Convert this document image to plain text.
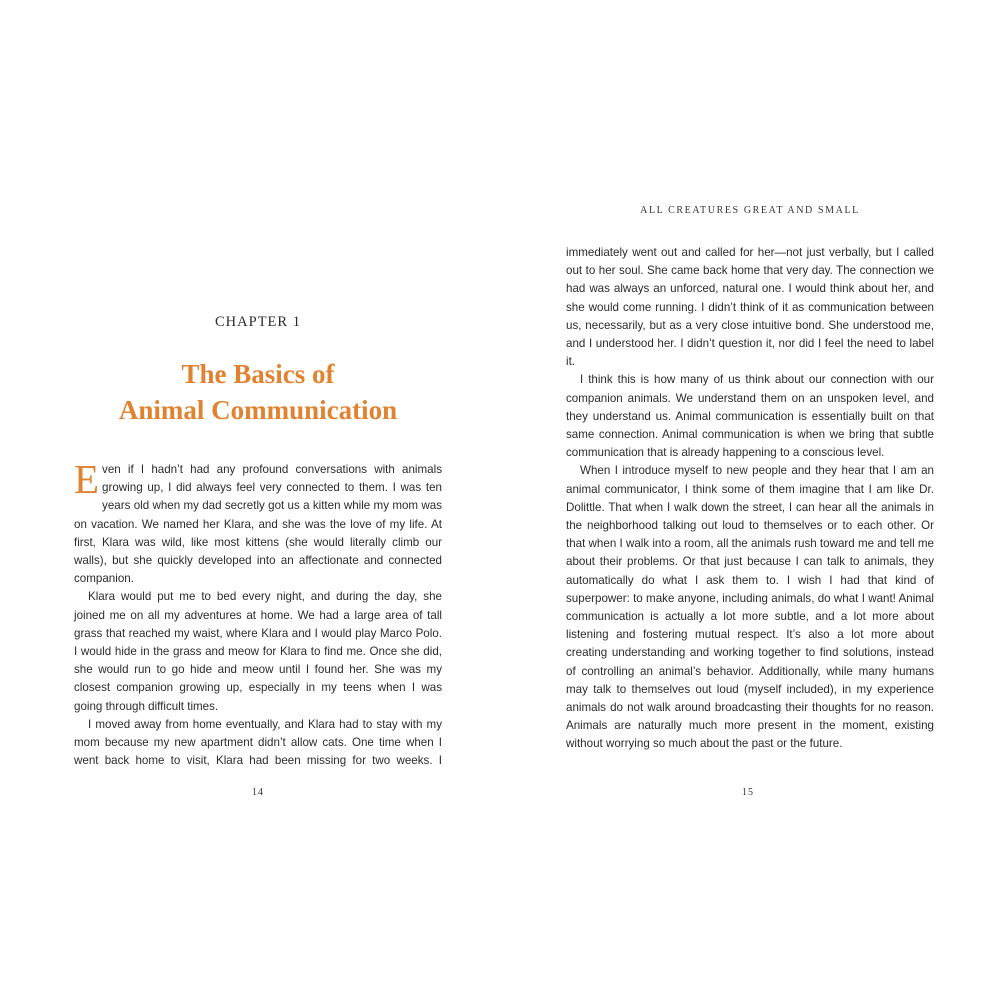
CHAPTER 1
The Basics of
Animal Communication

Even if I hadn’t had any profound conversations with animals growing up, I did always feel very connected to them. I was ten years old when my dad secretly got us a kitten while my mom was on vacation. We named her Klara, and she was the love of my life. At first, Klara was wild, like most kittens (she would literally climb our walls), but she quickly developed into an affectionate and connected companion.

Klara would put me to bed every night, and during the day, she joined me on all my adventures at home. We had a large area of tall grass that reached my waist, where Klara and I would play Marco Polo. I would hide in the grass and meow for Klara to find me. Once she did, she would run to go hide and meow until I found her. She was my closest companion growing up, especially in my teens when I was going through difficult times.

I moved away from home eventually, and Klara had to stay with my mom because my new apartment didn’t allow cats. One time when I went back home to visit, Klara had been missing for two weeks. I

14
ALL CREATURES GREAT AND SMALL

immediately went out and called for her—not just verbally, but I called out to her soul. She came back home that very day. The connection we had was always an unforced, natural one. I would think about her, and she would come running. I didn’t think of it as communication between us, necessarily, but as a very close intuitive bond. She understood me, and I understood her. I didn’t question it, nor did I feel the need to label it.

I think this is how many of us think about our connection with our companion animals. We understand them on an unspoken level, and they understand us. Animal communication is essentially built on that same connection. Animal communication is when we bring that subtle communication that is already happening to a conscious level.

When I introduce myself to new people and they hear that I am an animal communicator, I think some of them imagine that I am like Dr. Dolittle. That when I walk down the street, I can hear all the animals in the neighborhood talking out loud to themselves or to each other. Or that when I walk into a room, all the animals rush toward me and tell me about their problems. Or that just because I can talk to animals, they automatically do what I ask them to. I wish I had that kind of superpower: to make anyone, including animals, do what I want! Animal communication is actually a lot more subtle, and a lot more about listening and fostering mutual respect. It’s also a lot more about creating understanding and working together to find solutions, instead of controlling an animal’s behavior. Additionally, while many humans may talk to themselves out loud (myself included), in my experience animals do not walk around broadcasting their thoughts for no reason. Animals are naturally much more present in the moment, existing without worrying so much about the past or the future.

15
